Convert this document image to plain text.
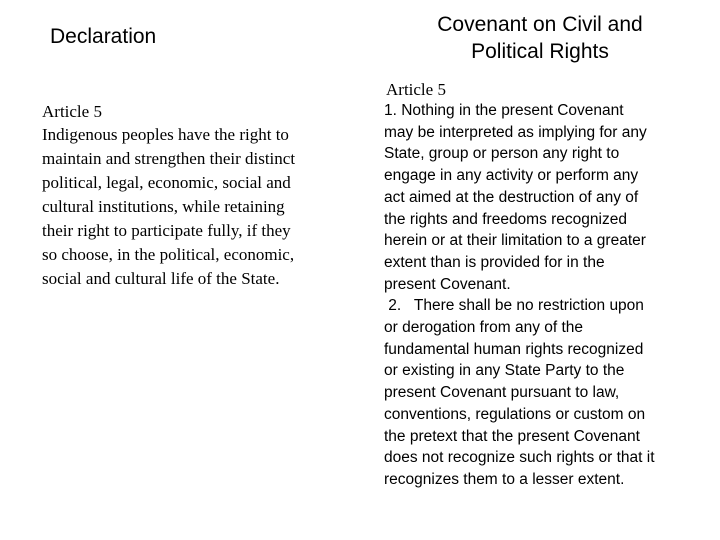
Declaration
Covenant on Civil and
Political Rights
Article 5
Article 5
Indigenous peoples have the right to
maintain and strengthen their distinct
political, legal, economic, social and
cultural institutions, while retaining
their right to participate fully, if they
so choose, in the political, economic,
social and cultural life of the State.
1. Nothing in the present Covenant
may be interpreted as implying for any
State, group or person any right to
engage in any activity or perform any
act aimed at the destruction of any of
the rights and freedoms recognized
herein or at their limitation to a greater
extent than is provided for in the
present Covenant.
2.   There shall be no restriction upon
or derogation from any of the
fundamental human rights recognized
or existing in any State Party to the
present Covenant pursuant to law,
conventions, regulations or custom on
the pretext that the present Covenant
does not recognize such rights or that it
recognizes them to a lesser extent.
